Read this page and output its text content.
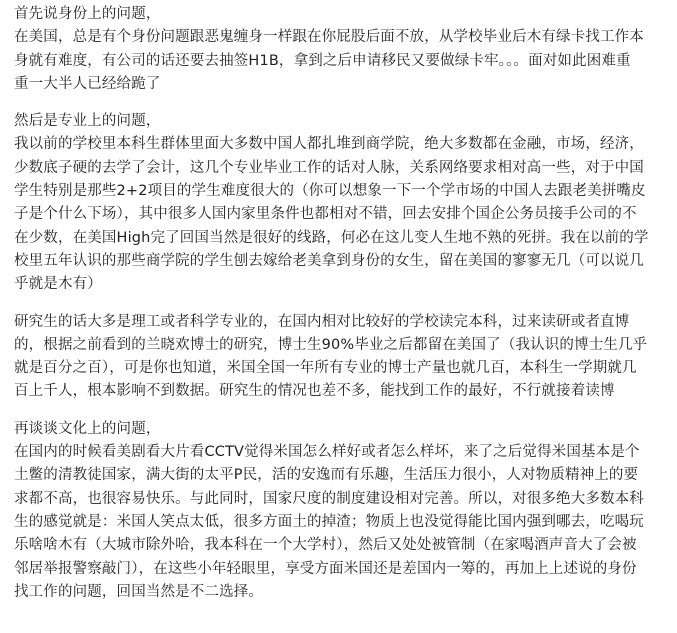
首先说身份上的问题，
在美国，总是有个身份问题跟恶鬼缠身一样跟在你屁股后面不放，从学校毕业后木有绿卡找工作本
身就有难度，有公司的话还要去抽签H1B，拿到之后申请移民又要做绿卡牢。。。面对如此困难重
重一大半人已经给跪了
然后是专业上的问题，
我以前的学校里本科生群体里面大多数中国人都扎堆到商学院，绝大多数都在金融，市场，经济，
少数底子硬的去学了会计，这几个专业毕业工作的话对人脉，关系网络要求相对高一些，对于中国
学生特别是那些2+2项目的学生难度很大的（你可以想象一下一个学市场的中国人去跟老美拼嘴皮
子是个什么下场），其中很多人国内家里条件也都相对不错，回去安排个国企公务员接手公司的不
在少数，在美国High完了回国当然是很好的线路，何必在这儿变人生地不熟的死拼。我在以前的学
校里五年认识的那些商学院的学生刨去嫁给老美拿到身份的女生，留在美国的寥寥无几（可以说几
乎就是木有）
研究生的话大多是理工或者科学专业的，在国内相对比较好的学校读完本科，过来读研或者直博
的，根据之前看到的兰晓欢博士的研究，博士生90%毕业之后都留在美国了（我认识的博士生几乎
就是百分之百），可是你也知道，米国全国一年所有专业的博士产量也就几百，本科生一学期就几
百上千人，根本影响不到数据。研究生的情况也差不多，能找到工作的最好，不行就接着读博
再谈谈文化上的问题，
在国内的时候看美剧看大片看CCTV觉得米国怎么样好或者怎么样坏，来了之后觉得米国基本是个
土鳖的清教徒国家，满大街的太平P民，活的安逸而有乐趣，生活压力很小，人对物质精神上的要
求都不高，也很容易快乐。与此同时，国家尺度的制度建设相对完善。所以，对很多绝大多数本科
生的感觉就是：米国人笑点太低，很多方面土的掉渣；物质上也没觉得能比国内强到哪去，吃喝玩
乐啥啥木有（大城市除外哈，我本科在一个大学村），然后又处处被管制（在家喝酒声音大了会被
邻居举报警察敲门），在这些小年轻眼里，享受方面米国还是差国内一筹的，再加上上述说的身份
找工作的问题，回国当然是不二选择。
